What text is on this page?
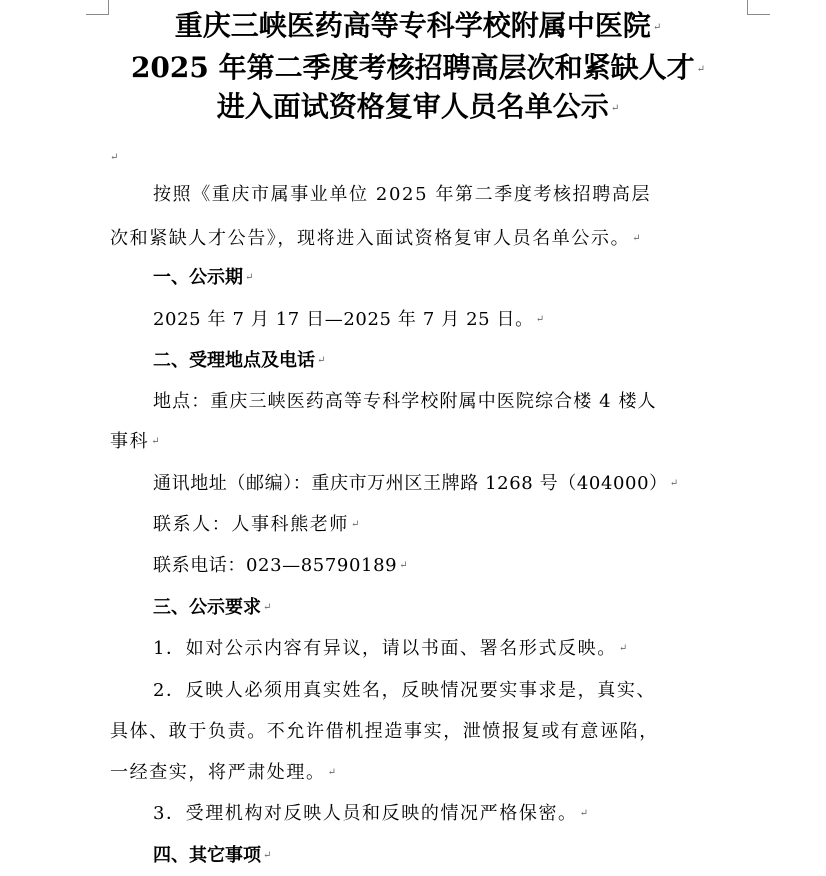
重庆三峡医药高等专科学校附属中医院 ↵
2025 年第二季度考核招聘高层次和紧缺人才 ↵
进入面试资格复审人员名单公示 ↵
↵
按照《重庆市属事业单位 2025 年第二季度考核招聘高层
次和紧缺人才公告》，现将进入面试资格复审人员名单公示。 ↵
一、公示期 ↵
2025 年 7 月 17 日—2025 年 7 月 25 日。 ↵
二、受理地点及电话 ↵
地点：重庆三峡医药高等专科学校附属中医院综合楼 4 楼人
事科 ↵
通讯地址（邮编）：重庆市万州区王牌路 1268 号（404000） ↵
联系人：人事科熊老师 ↵
联系电话：023—85790189 ↵
三、公示要求 ↵
1．如对公示内容有异议，请以书面、署名形式反映。 ↵
2．反映人必须用真实姓名，反映情况要实事求是，真实、
具体、敢于负责。不允许借机捏造事实，泄愤报复或有意诬陷，
一经查实，将严肃处理。 ↵
3．受理机构对反映人员和反映的情况严格保密。 ↵
四、其它事项 ↵
